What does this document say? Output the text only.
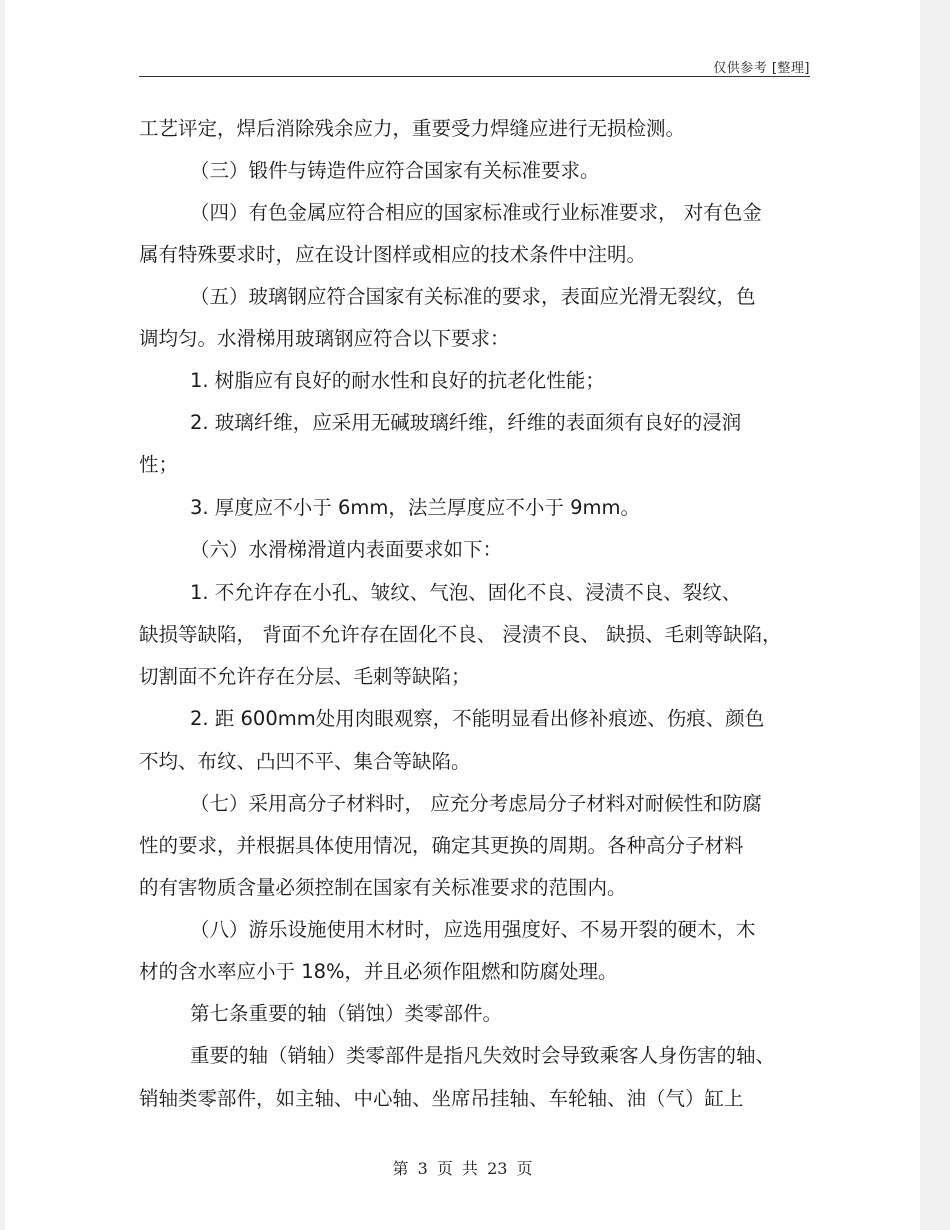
仅供参考 [整理]
工艺评定，焊后消除残余应力，重要受力焊缝应进行无损检测。
（三）锻件与铸造件应符合国家有关标准要求。
（四）有色金属应符合相应的国家标准或行业标准要求， 对有色金
属有特殊要求时，应在设计图样或相应的技术条件中注明。
（五）玻璃钢应符合国家有关标准的要求，表面应光滑无裂纹，色
调均匀。水滑梯用玻璃钢应符合以下要求：
1. 树脂应有良好的耐水性和良好的抗老化性能；
2. 玻璃纤维，应采用无碱玻璃纤维，纤维的表面须有良好的浸润
性；
3. 厚度应不小于 6mm，法兰厚度应不小于 9mm。
（六）水滑梯滑道内表面要求如下：
1. 不允许存在小孔、皱纹、气泡、固化不良、浸渍不良、裂纹、
缺损等缺陷， 背面不允许存在固化不良、 浸渍不良、 缺损、毛刺等缺陷，
切割面不允许存在分层、毛刺等缺陷；
2. 距 600mm处用肉眼观察，不能明显看出修补痕迹、伤痕、颜色
不均、布纹、凸凹不平、集合等缺陷。
（七）采用高分子材料时， 应充分考虑局分子材料对耐候性和防腐
性的要求，并根据具体使用情况，确定其更换的周期。各种高分子材料
的有害物质含量必须控制在国家有关标准要求的范围内。
（八）游乐设施使用木材时，应选用强度好、不易开裂的硬木，木
材的含水率应小于 18%，并且必须作阻燃和防腐处理。
第七条重要的轴（销蚀）类零部件。
重要的轴（销轴）类零部件是指凡失效时会导致乘客人身伤害的轴、
销轴类零部件，如主轴、中心轴、坐席吊挂轴、车轮轴、油（气）缸上
第 3 页 共 23 页
